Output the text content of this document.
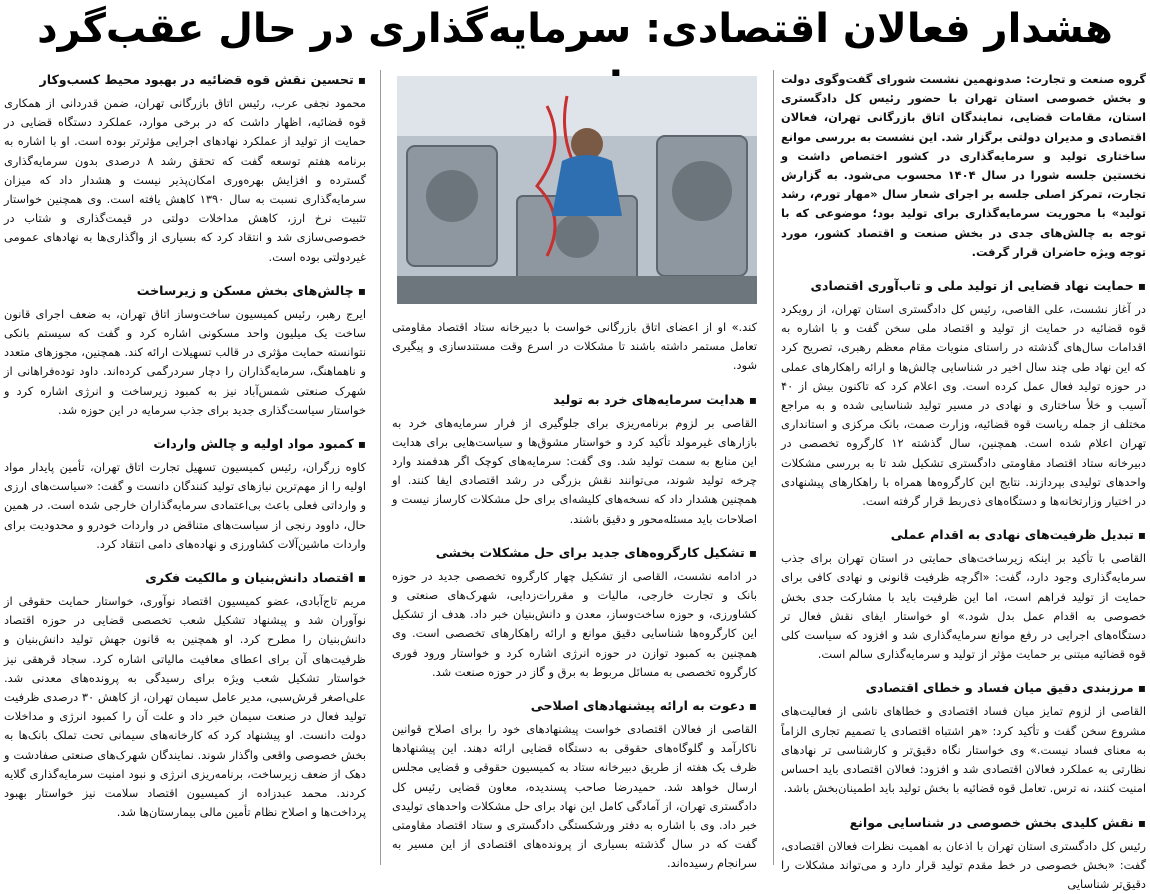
هشدار فعالان اقتصادی: سرمایه‌گذاری در حال عقب‌گرد

گروه صنعت و تجارت: صدونهمین نشست شورای گفت‌وگوی دولت و بخش خصوصی استان تهران با حضور رئیس کل دادگستری استان، مقامات قضایی، نمایندگان اتاق بازرگانی تهران، فعالان اقتصادی و مدیران دولتی برگزار شد. این نشست به بررسی موانع ساختاری تولید و سرمایه‌گذاری در کشور اختصاص داشت و نخستین جلسه شورا در سال ۱۴۰۴ محسوب می‌شود. به گزارش تجارت، تمرکز اصلی جلسه بر اجرای شعار سال «مهار تورم، رشد تولید» با محوریت سرمایه‌گذاری برای تولید بود؛ موضوعی که با توجه به چالش‌های جدی در بخش صنعت و اقتصاد کشور، مورد توجه ویژه حاضران قرار گرفت.

▪ حمایت نهاد قضایی از تولید ملی و تاب‌آوری اقتصادی

در آغاز نشست، علی القاصی، رئیس کل دادگستری استان تهران، از رویکرد قوه قضائیه در حمایت از تولید و اقتصاد ملی سخن گفت و با اشاره به اقدامات سال‌های گذشته در راستای منویات مقام معظم رهبری، تصریح کرد که این نهاد طی چند سال اخیر در شناسایی چالش‌ها و ارائه راهکارهای عملی در حوزه تولید فعال عمل کرده است. وی اعلام کرد که تاکنون بیش از ۴۰ آسیب و خلأ ساختاری و نهادی در مسیر تولید شناسایی شده و به مراجع مختلف از جمله ریاست قوه قضائیه، وزارت صمت، بانک مرکزی و استانداری تهران اعلام شده است. همچنین، سال گذشته ۱۲ کارگروه تخصصی در دبیرخانه ستاد اقتصاد مقاومتی دادگستری تشکیل شد تا به بررسی مشکلات واحدهای تولیدی بپردازند. نتایج این کارگروه‌ها همراه با راهکارهای پیشنهادی در اختیار وزارتخانه‌ها و دستگاه‌های ذی‌ربط قرار گرفته است.

▪ تبدیل ظرفیت‌های نهادی به اقدام عملی

القاصی با تأکید بر اینکه زیرساخت‌های حمایتی در استان تهران برای جذب سرمایه‌گذاری وجود دارد، گفت: «اگرچه ظرفیت قانونی و نهادی کافی برای حمایت از تولید فراهم است، اما این ظرفیت باید با مشارکت جدی بخش خصوصی به اقدام عمل بدل شود.» او خواستار ایفای نقش فعال تر دستگاه‌های اجرایی در رفع موانع سرمایه‌گذاری شد و افزود که سیاست کلی قوه قضائیه مبتنی بر حمایت مؤثر از تولید و سرمایه‌گذاری سالم است.

▪ مرزبندی دقیق میان فساد و خطای اقتصادی

القاصی از لزوم تمایز میان فساد اقتصادی و خطاهای ناشی از فعالیت‌های مشروع سخن گفت و تأکید کرد: «هر اشتباه اقتصادی یا تصمیم تجاری الزاماً به معنای فساد نیست.» وی خواستار نگاه دقیق‌تر و کارشناسی تر نهادهای نظارتی به عملکرد فعالان اقتصادی شد و افزود: فعالان اقتصادی باید احساس امنیت کنند، نه ترس. تعامل قوه قضائیه با بخش تولید باید اطمینان‌بخش باشد.

▪ نقش کلیدی بخش خصوصی در شناسایی موانع

رئیس کل دادگستری استان تهران با اذعان به اهمیت نظرات فعالان اقتصادی، گفت: «بخش خصوصی در خط مقدم تولید قرار دارد و می‌تواند مشکلات را دقیق‌تر شناسایی

کند.» او از اعضای اتاق بازرگانی خواست با دبیرخانه ستاد اقتصاد مقاومتی تعامل مستمر داشته باشند تا مشکلات در اسرع وقت مستندسازی و پیگیری شود.

▪ هدایت سرمایه‌های خرد به تولید

القاصی بر لزوم برنامه‌ریزی برای جلوگیری از فرار سرمایه‌های خرد به بازارهای غیرمولد تأکید کرد و خواستار مشوق‌ها و سیاست‌هایی برای هدایت این منابع به سمت تولید شد. وی گفت: سرمایه‌های کوچک اگر هدفمند وارد چرخه تولید شوند، می‌توانند نقش بزرگی در رشد اقتصادی ایفا کنند. او همچنین هشدار داد که نسخه‌های کلیشه‌ای برای حل مشکلات کارساز نیست و اصلاحات باید مسئله‌محور و دقیق باشند.

▪ تشکیل کارگروه‌های جدید برای حل مشکلات بخشی

در ادامه نشست، القاصی از تشکیل چهار کارگروه تخصصی جدید در حوزه بانک و تجارت خارجی، مالیات و مقررات‌زدایی، شهرک‌های صنعتی و کشاورزی، و حوزه ساخت‌وساز، معدن و دانش‌بنیان خبر داد. هدف از تشکیل این کارگروه‌ها شناسایی دقیق موانع و ارائه راهکارهای تخصصی است. وی همچنین به کمبود توازن در حوزه انرژی اشاره کرد و خواستار ورود فوری کارگروه تخصصی به مسائل مربوط به برق و گاز در حوزه صنعت شد.

▪ دعوت به ارائه پیشنهادهای اصلاحی

القاصی از فعالان اقتصادی خواست پیشنهادهای خود را برای اصلاح قوانین ناکارآمد و گلوگاه‌های حقوقی به دستگاه قضایی ارائه دهند. این پیشنهادها ظرف یک هفته از طریق دبیرخانه ستاد به کمیسیون حقوقی و قضایی مجلس ارسال خواهد شد. حمیدرضا صاحب پسندیده، معاون قضایی رئیس کل دادگستری تهران، از آمادگی کامل این نهاد برای حل مشکلات واحدهای تولیدی خبر داد. وی با اشاره به دفتر ورشکستگی دادگستری و ستاد اقتصاد مقاومتی گفت که در سال گذشته بسیاری از پرونده‌های اقتصادی از این مسیر به سرانجام رسیده‌اند.

▪ تحسین نقش قوه قضائیه در بهبود محیط کسب‌وکار

محمود نجفی عرب، رئیس اتاق بازرگانی تهران، ضمن قدردانی از همکاری قوه قضائیه، اظهار داشت که در برخی موارد، عملکرد دستگاه قضایی در حمایت از تولید از عملکرد نهادهای اجرایی مؤثرتر بوده است. او با اشاره به برنامه هفتم توسعه گفت که تحقق رشد ۸ درصدی بدون سرمایه‌گذاری گسترده و افزایش بهره‌وری امکان‌پذیر نیست و هشدار داد که میزان سرمایه‌گذاری نسبت به سال ۱۳۹۰ کاهش یافته است. وی همچنین خواستار تثبیت نرخ ارز، کاهش مداخلات دولتی در قیمت‌گذاری و شتاب در خصوصی‌سازی شد و انتقاد کرد که بسیاری از واگذاری‌ها به نهادهای عمومی غیردولتی بوده است.

▪ چالش‌های بخش مسکن و زیرساخت

ایرج رهبر، رئیس کمیسیون ساخت‌وساز اتاق تهران، به ضعف اجرای قانون ساخت یک میلیون واحد مسکونی اشاره کرد و گفت که سیستم بانکی نتوانسته حمایت مؤثری در قالب تسهیلات ارائه کند. همچنین، مجوزهای متعدد و ناهماهنگ، سرمایه‌گذاران را دچار سردرگمی کرده‌اند. داود توده‌فراهانی از شهرک صنعتی شمس‌آباد نیز به کمبود زیرساخت و انرژی اشاره کرد و خواستار سیاست‌گذاری جدید برای جذب سرمایه در این حوزه شد.

▪ کمبود مواد اولیه و چالش واردات

کاوه زرگران، رئیس کمیسیون تسهیل تجارت اتاق تهران، تأمین پایدار مواد اولیه را از مهم‌ترین نیازهای تولید کنندگان دانست و گفت: «سیاست‌های ارزی و وارداتی فعلی باعث بی‌اعتمادی سرمایه‌گذاران خارجی شده است. در همین حال، داوود رنجی از سیاست‌های متناقض در واردات خودرو و محدودیت برای واردات ماشین‌آلات کشاورزی و نهاده‌های دامی انتقاد کرد.

▪ اقتصاد دانش‌بنیان و مالکیت فکری

مریم تاج‌آبادی، عضو کمیسیون اقتصاد نوآوری، خواستار حمایت حقوقی از نوآوران شد و پیشنهاد تشکیل شعب تخصصی قضایی در حوزه اقتصاد دانش‌بنیان را مطرح کرد. او همچنین به قانون جهش تولید دانش‌بنیان و ظرفیت‌های آن برای اعطای معافیت مالیاتی اشاره کرد. سجاد قرهقی نیز خواستار تشکیل شعب ویژه برای رسیدگی به پرونده‌های معدنی شد. علی‌اصغر قرش‌سبی، مدیر عامل سیمان تهران، از کاهش ۳۰ درصدی ظرفیت تولید فعال در صنعت سیمان خبر داد و علت آن را کمبود انرژی و مداخلات دولت دانست. او پیشنهاد کرد که کارخانه‌های سیمانی تحت تملک بانک‌ها به بخش خصوصی واقعی واگذار شوند. نمایندگان شهرک‌های صنعتی صفادشت و دهک از ضعف زیرساخت، برنامه‌ریزی انرژی و نبود امنیت سرمایه‌گذاری گلایه کردند. محمد عبدزاده از کمیسیون اقتصاد سلامت نیز خواستار بهبود پرداخت‌ها و اصلاح نظام تأمین مالی بیمارستان‌ها شد.
